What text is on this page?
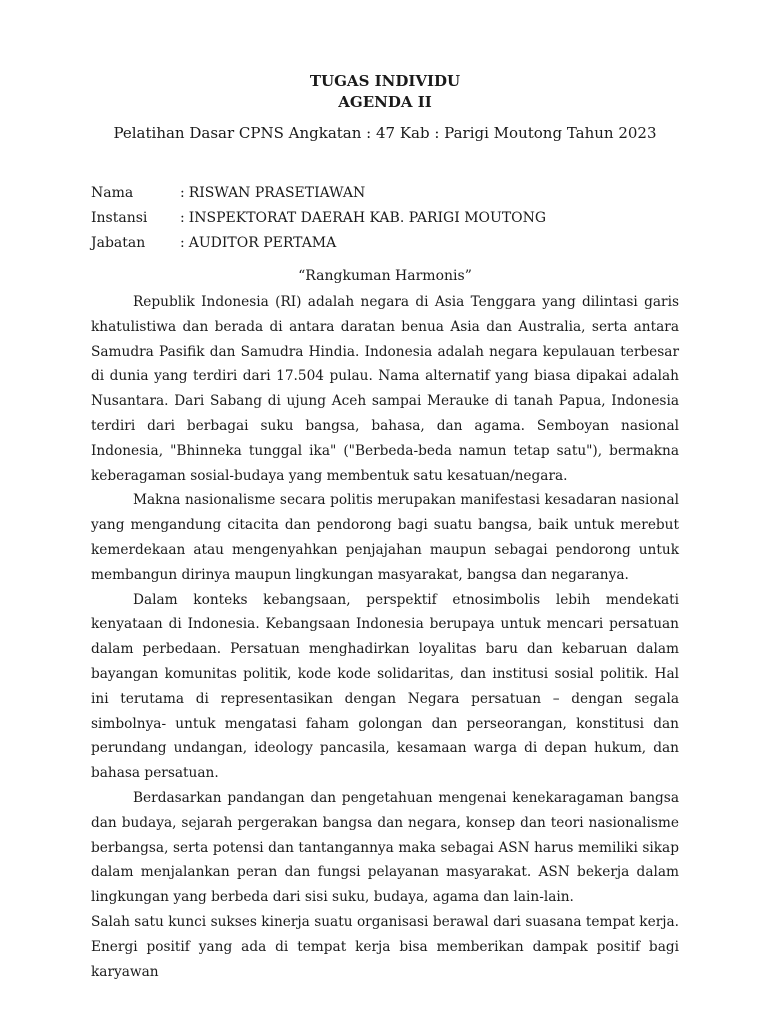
TUGAS INDIVIDU

AGENDA II

Pelatihan Dasar CPNS Angkatan : 47 Kab : Parigi Moutong Tahun 2023

Nama	: RISWAN PRASETIAWAN
Instansi	: INSPEKTORAT DAERAH KAB. PARIGI MOUTONG
Jabatan	: AUDITOR PERTAMA

“Rangkuman Harmonis”

Republik Indonesia (RI) adalah negara di Asia Tenggara yang dilintasi garis khatulistiwa dan berada di antara daratan benua Asia dan Australia, serta antara Samudra Pasifik dan Samudra Hindia. Indonesia adalah negara kepulauan terbesar di dunia yang terdiri dari 17.504 pulau. Nama alternatif yang biasa dipakai adalah Nusantara. Dari Sabang di ujung Aceh sampai Merauke di tanah Papua, Indonesia terdiri dari berbagai suku bangsa, bahasa, dan agama. Semboyan nasional Indonesia, "Bhinneka tunggal ika" ("Berbeda-beda namun tetap satu"), bermakna keberagaman sosial-budaya yang membentuk satu kesatuan/negara.

Makna nasionalisme secara politis merupakan manifestasi kesadaran nasional yang mengandung citacita dan pendorong bagi suatu bangsa, baik untuk merebut kemerdekaan atau mengenyahkan penjajahan maupun sebagai pendorong untuk membangun dirinya maupun lingkungan masyarakat, bangsa dan negaranya.

Dalam konteks kebangsaan, perspektif etnosimbolis lebih mendekati kenyataan di Indonesia. Kebangsaan Indonesia berupaya untuk mencari persatuan dalam perbedaan. Persatuan menghadirkan loyalitas baru dan kebaruan dalam bayangan komunitas politik, kode kode solidaritas, dan institusi sosial politik. Hal ini terutama di representasikan dengan Negara persatuan – dengan segala simbolnya- untuk mengatasi faham golongan dan perseorangan, konstitusi dan perundang undangan, ideology pancasila, kesamaan warga di depan hukum, dan bahasa persatuan.

Berdasarkan pandangan dan pengetahuan mengenai kenekaragaman bangsa dan budaya, sejarah pergerakan bangsa dan negara, konsep dan teori nasionalisme berbangsa, serta potensi dan tantangannya maka sebagai ASN harus memiliki sikap dalam menjalankan peran dan fungsi pelayanan masyarakat. ASN bekerja dalam lingkungan yang berbeda dari sisi suku, budaya, agama dan lain-lain.

Salah satu kunci sukses kinerja suatu organisasi berawal dari suasana tempat kerja. Energi positif yang ada di tempat kerja bisa memberikan dampak positif bagi karyawan
